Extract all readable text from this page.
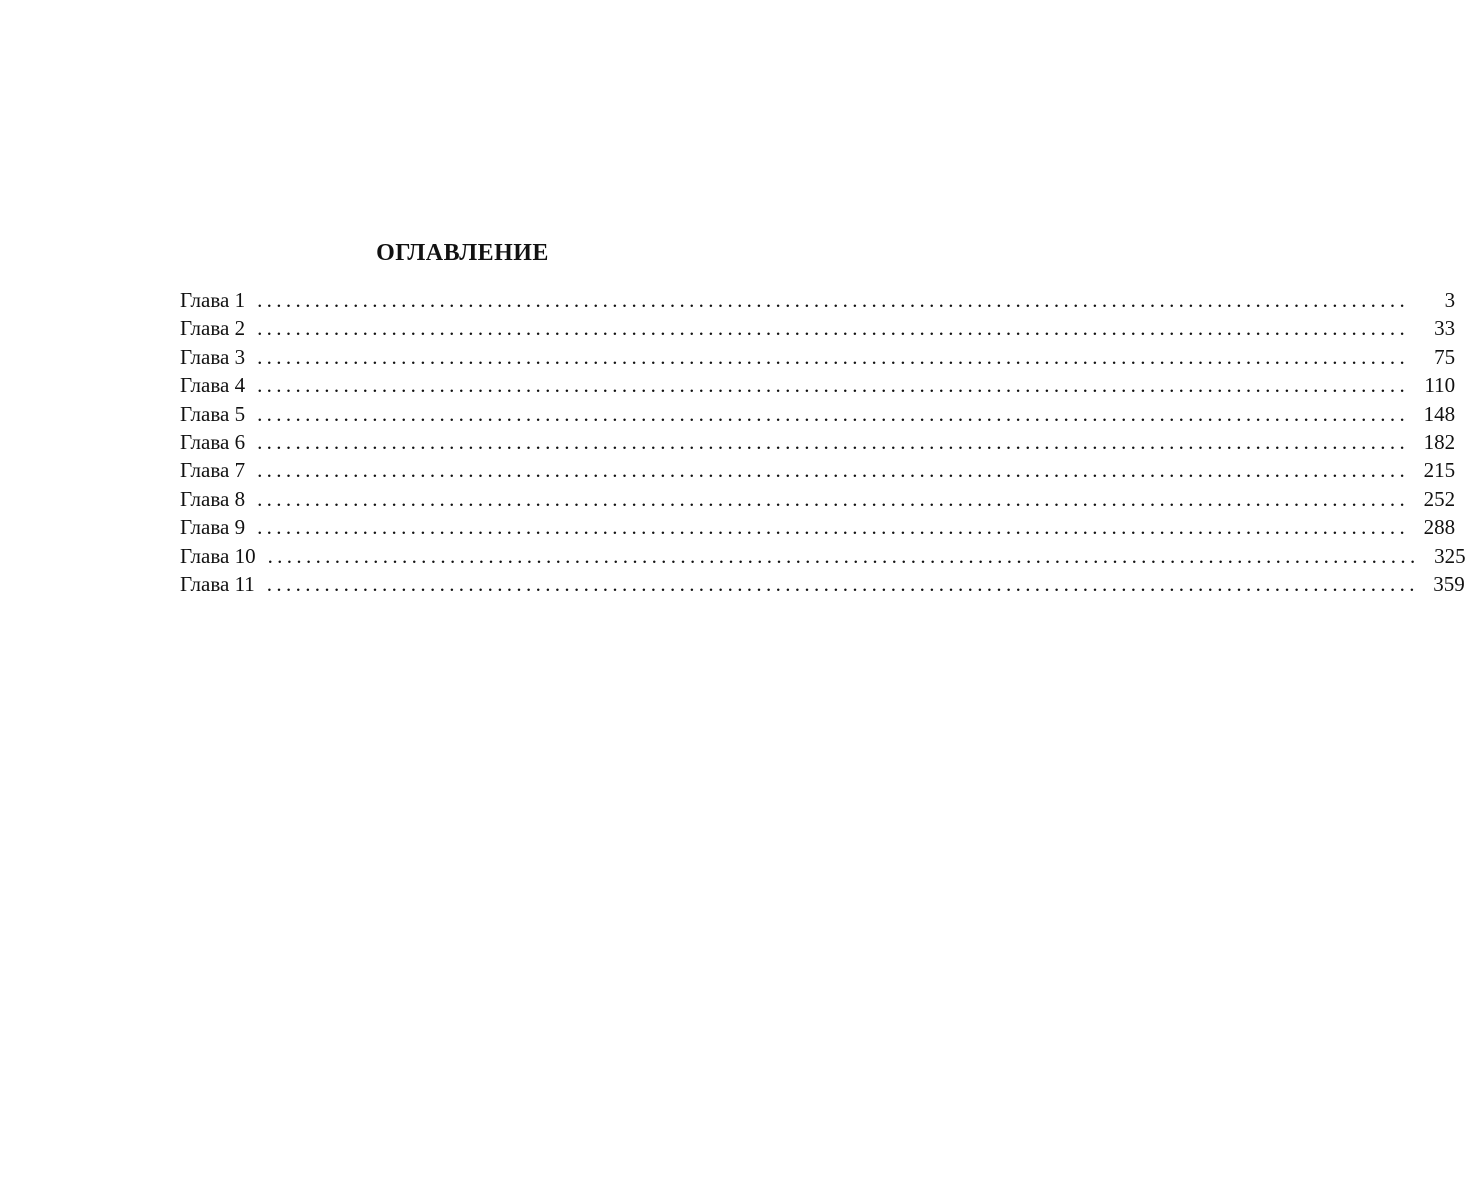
ОГЛАВЛЕНИЕ
Глава 1 ........................................................................................................................	3
Глава 2 ........................................................................................................................	33
Глава 3 ........................................................................................................................	75
Глава 4 ........................................................................................................................ 110
Глава 5 ........................................................................................................................ 148
Глава 6 ........................................................................................................................ 182
Глава 7 ........................................................................................................................ 215
Глава 8 ........................................................................................................................ 252
Глава 9 ........................................................................................................................ 288
Глава 10 ........................................................................................................................ 325
Глава 11 ........................................................................................................................ 359
